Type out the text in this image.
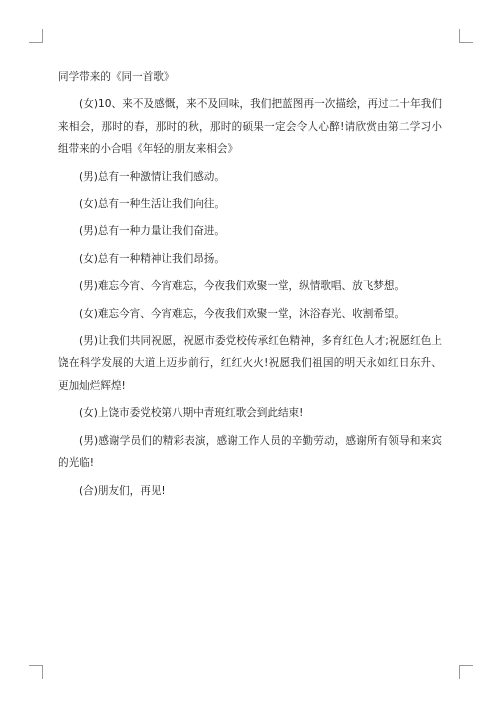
同学带来的《同一首歌》

(女)10、来不及感慨，来不及回味，我们把蓝图再一次描绘，再过二十年我们来相会，那时的春，那时的秋，那时的硕果一定会令人心醉!请欣赏由第二学习小组带来的小合唱《年轻的朋友来相会》

(男)总有一种激情让我们感动。

(女)总有一种生活让我们向往。

(男)总有一种力量让我们奋进。

(女)总有一种精神让我们昂扬。

(男)难忘今宵、今宵难忘，今夜我们欢聚一堂，纵情歌唱、放飞梦想。

(女)难忘今宵、今宵难忘，今夜我们欢聚一堂，沐浴春光、收割希望。

(男)让我们共同祝愿，祝愿市委党校传承红色精神，多育红色人才;祝愿红色上饶在科学发展的大道上迈步前行，红红火火!祝愿我们祖国的明天永如红日东升、更加灿烂辉煌!

(女)上饶市委党校第八期中青班红歌会到此结束!

(男)感谢学员们的精彩表演，感谢工作人员的辛勤劳动，感谢所有领导和来宾的光临!

(合)朋友们，再见!
